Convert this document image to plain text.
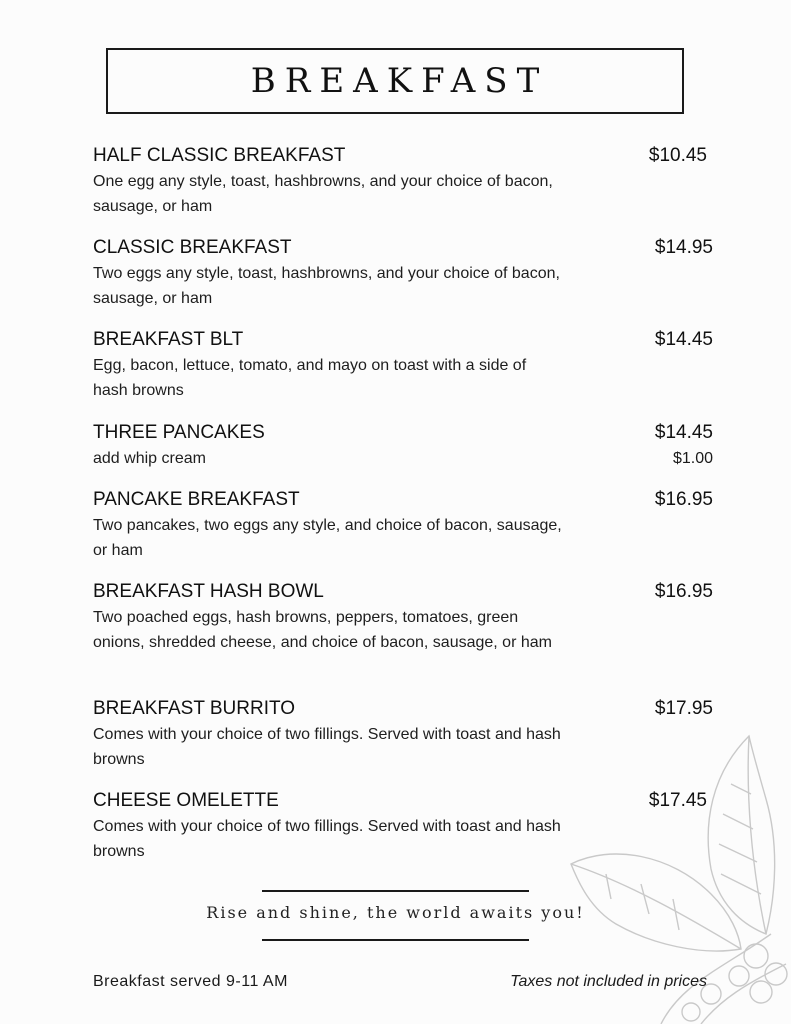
BREAKFAST
HALF CLASSIC BREAKFAST	$10.45
One egg any style, toast, hashbrowns, and your choice of bacon, sausage, or ham
CLASSIC BREAKFAST	$14.95
Two eggs any style, toast, hashbrowns, and your choice of bacon, sausage, or ham
BREAKFAST BLT	$14.45
Egg, bacon, lettuce, tomato, and mayo on toast with a side of hash browns
THREE PANCAKES	$14.45
add whip cream	$1.00
PANCAKE BREAKFAST	$16.95
Two pancakes, two eggs any style, and choice of bacon, sausage, or ham
BREAKFAST HASH BOWL	$16.95
Two poached eggs, hash browns, peppers, tomatoes, green onions, shredded cheese, and choice of bacon, sausage, or ham
BREAKFAST BURRITO	$17.95
Comes with your choice of two fillings. Served with toast and hash browns
CHEESE OMELETTE	$17.45
Comes with your choice of two fillings. Served with toast and hash browns
Rise and shine, the world awaits you!
Breakfast served 9-11 AM	Taxes not included in prices
